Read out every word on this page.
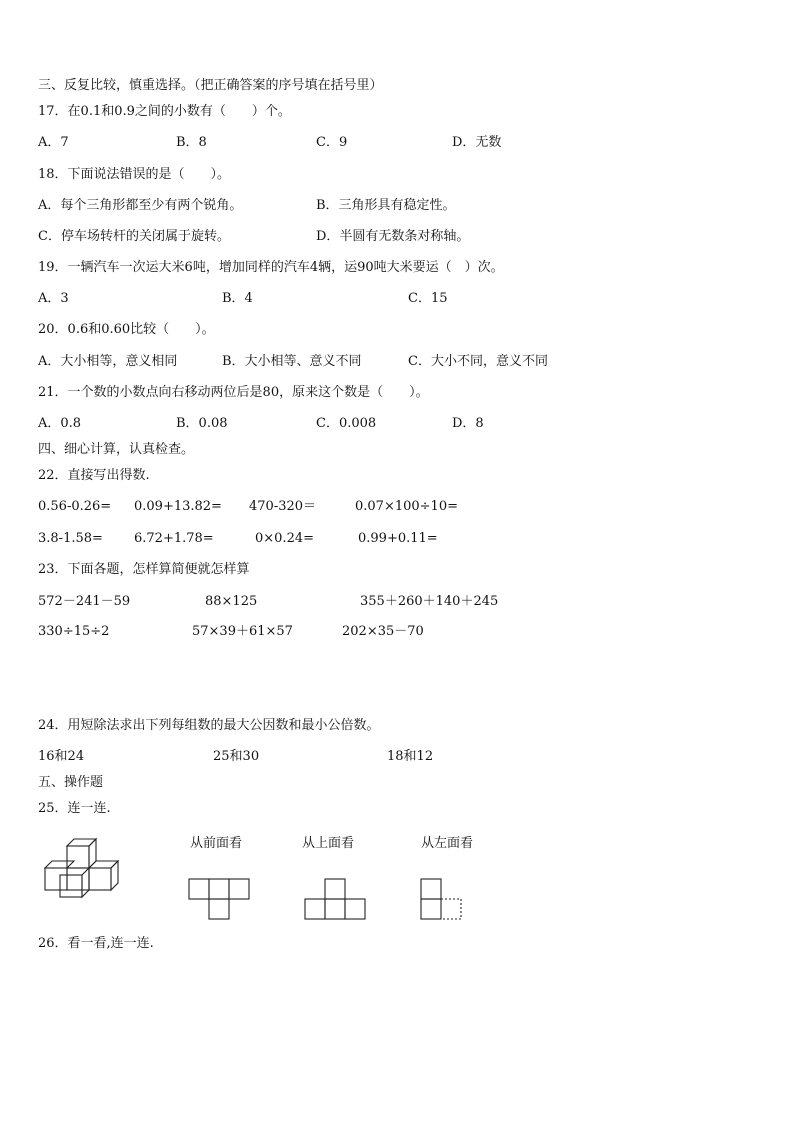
三、反复比较，慎重选择。（把正确答案的序号填在括号里）
17．在0.1和0.9之间的小数有（　　）个。
A．7	B．8	C．9	D．无数
18．下面说法错误的是（　　）。
A．每个三角形都至少有两个锐角。	B．三角形具有稳定性。
C．停车场转杆的关闭属于旋转。	D．半圆有无数条对称轴。
19．一辆汽车一次运大米6吨，增加同样的汽车4辆，运90吨大米要运（　）次。
A．3	B．4	C．15
20．0.6和0.60比较（　　）。
A．大小相等，意义相同	B．大小相等、意义不同	C．大小不同，意义不同
21．一个数的小数点向右移动两位后是80，原来这个数是（　　）。
A．0.8	B．0.08	C．0.008	D．8
四、细心计算，认真检查。
22．直接写出得数.
0.56-0.26= 0.09+13.82= 470-320＝	0.07×100÷10=
3.8-1.58= 6.72+1.78=	0×0.24=	0.99+0.11=
23．下面各题，怎样算简便就怎样算
572－241－59	88×125	355＋260＋140＋245
330÷15÷2	57×39＋61×57	202×35－70
24．用短除法求出下列每组数的最大公因数和最小公倍数。
16和24	25和30	18和12
五、操作题
25．连一连.
从前面看	从上面看	从左面看
26．看一看,连一连.
